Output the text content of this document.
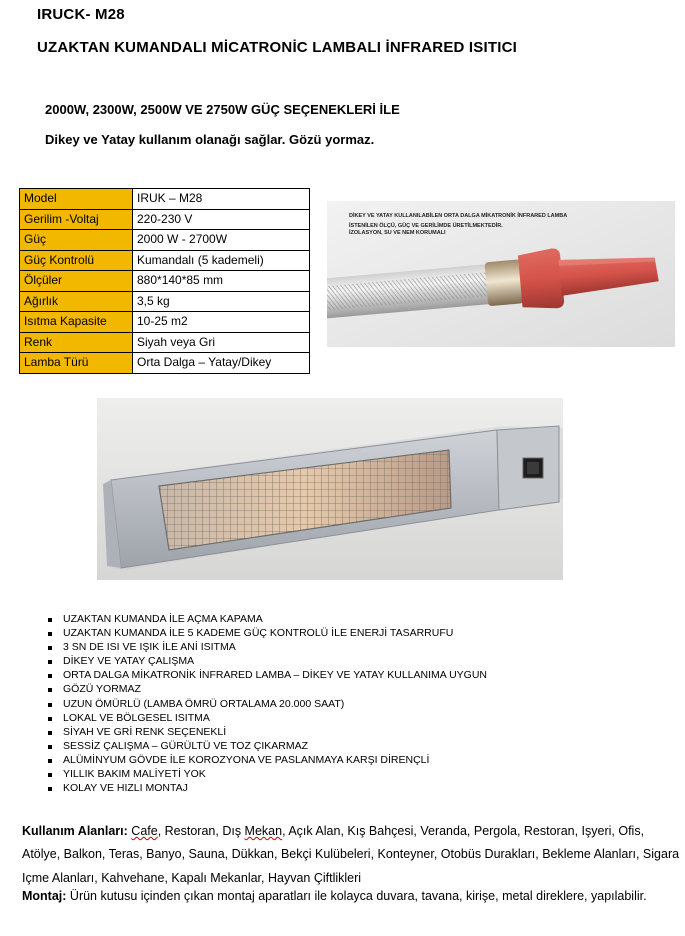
IRUCK- M28
UZAKTAN KUMANDALI MİCATRONİC LAMBALI İNFRARED ISITICI
2000W, 2300W, 2500W VE 2750W GÜÇ SEÇENEKLERİ İLE
Dikey ve Yatay kullanım olanağı sağlar. Gözü yormaz.
Model	IRUK – M28
Gerilim -Voltaj	220-230 V
Güç	2000 W - 2700W
Güç Kontrolü	Kumandalı (5 kademeli)
Ölçüler	880*140*85 mm
Ağırlık	3,5 kg
Isıtma Kapasite	10-25 m2
Renk	Siyah veya Gri
Lamba Türü	Orta Dalga – Yatay/Dikey
DİKEY VE YATAY KULLANILABİLEN ORTA DALGA MİKATRONİK İNFRARED LAMBA
İSTENİLEN ÖLÇÜ, GÜÇ VE GERİLİMDE ÜRETİLMEKTEDİR.
İZOLASYON, SU VE NEM KORUMALI
UZAKTAN KUMANDA İLE AÇMA KAPAMA
UZAKTAN KUMANDA İLE 5 KADEME GÜÇ KONTROLÜ İLE ENERJİ TASARRUFU
3 SN DE ISI VE IŞIK İLE ANİ ISITMA
DİKEY VE YATAY ÇALIŞMA
ORTA DALGA MİKATRONİK İNFRARED LAMBA – DİKEY VE YATAY KULLANIMA UYGUN
GÖZÜ YORMAZ
UZUN ÖMÜRLÜ (LAMBA ÖMRÜ ORTALAMA 20.000 SAAT)
LOKAL VE BÖLGESEL ISITMA
SİYAH VE GRİ RENK SEÇENEKLİ
SESSİZ ÇALIŞMA – GÜRÜLTÜ VE TOZ ÇIKARMAZ
ALÜMİNYUM GÖVDE İLE KOROZYONA VE PASLANMAYA KARŞI DİRENÇLİ
YILLIK BAKIM MALİYETİ YOK
KOLAY VE HIZLI MONTAJ
Kullanım Alanları: Cafe, Restoran, Dış Mekan, Açık Alan, Kış Bahçesi, Veranda, Pergola, Restoran, Işyeri, Ofis, Atölye, Balkon, Teras, Banyo, Sauna, Dükkan, Bekçi Kulübeleri, Konteyner, Otobüs Durakları, Bekleme Alanları, Sigara Içme Alanları, Kahvehane, Kapalı Mekanlar, Hayvan Çiftlikleri
Montaj: Ürün kutusu içinden çıkan montaj aparatları ile kolayca duvara, tavana, kirişe, metal direklere, yapılabilir.
